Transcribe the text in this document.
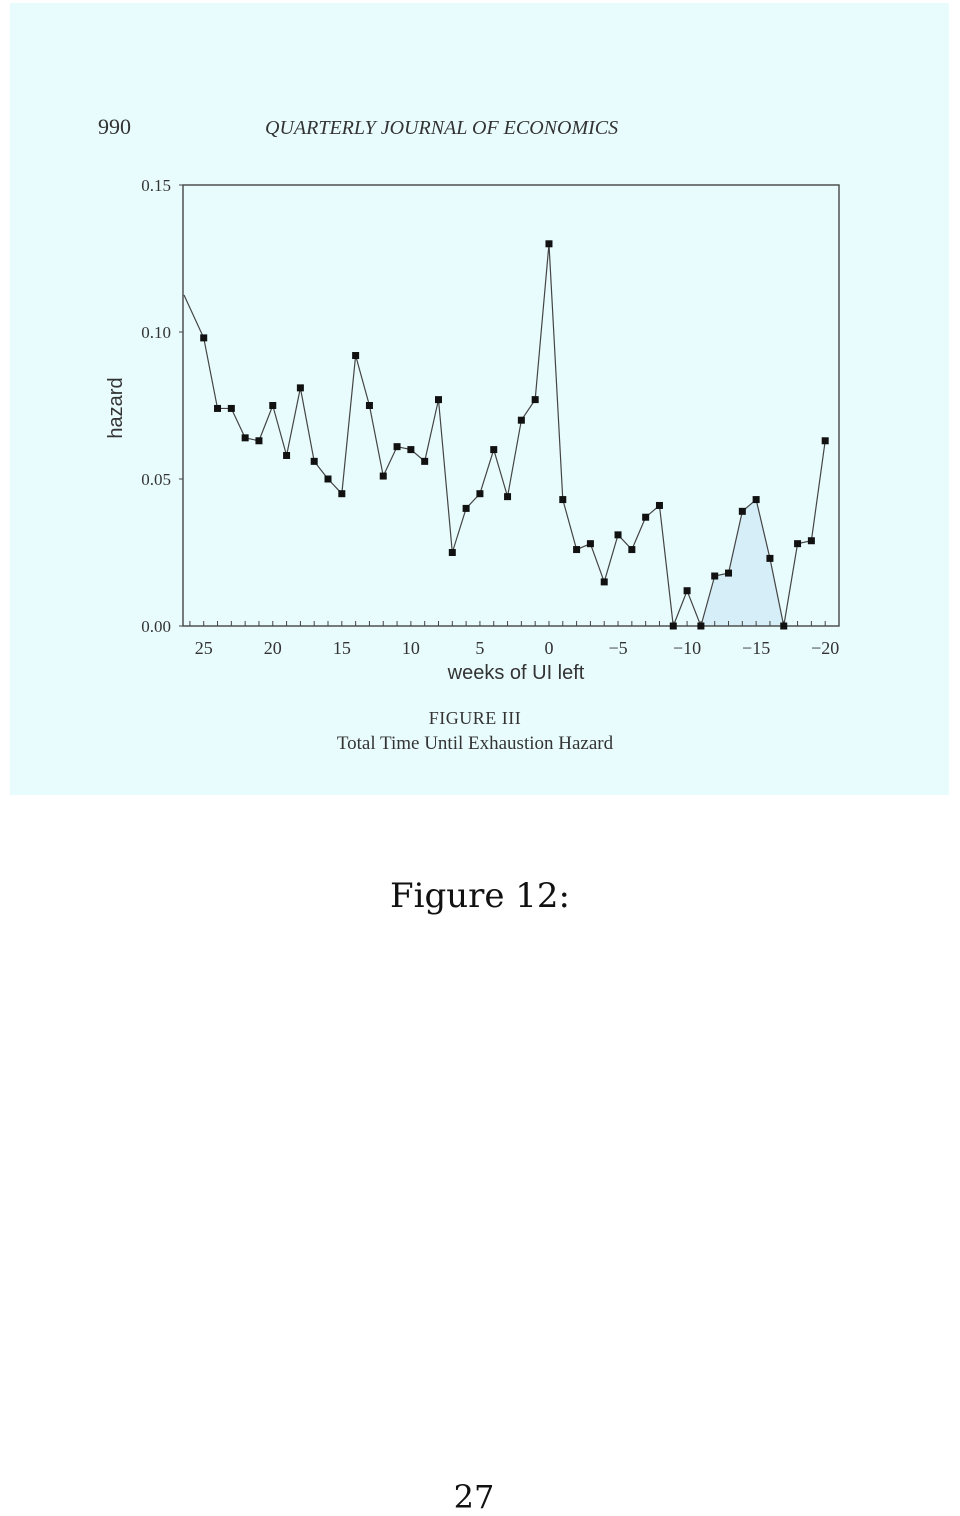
990	QUARTERLY JOURNAL OF ECONOMICS
0.00
0.05
0.10
0.15
25	20	15	10	5	0	−5	−10 −15 −20
hazard
weeks of UI left
FIGURE III
Total Time Until Exhaustion Hazard
Figure 12:
27
